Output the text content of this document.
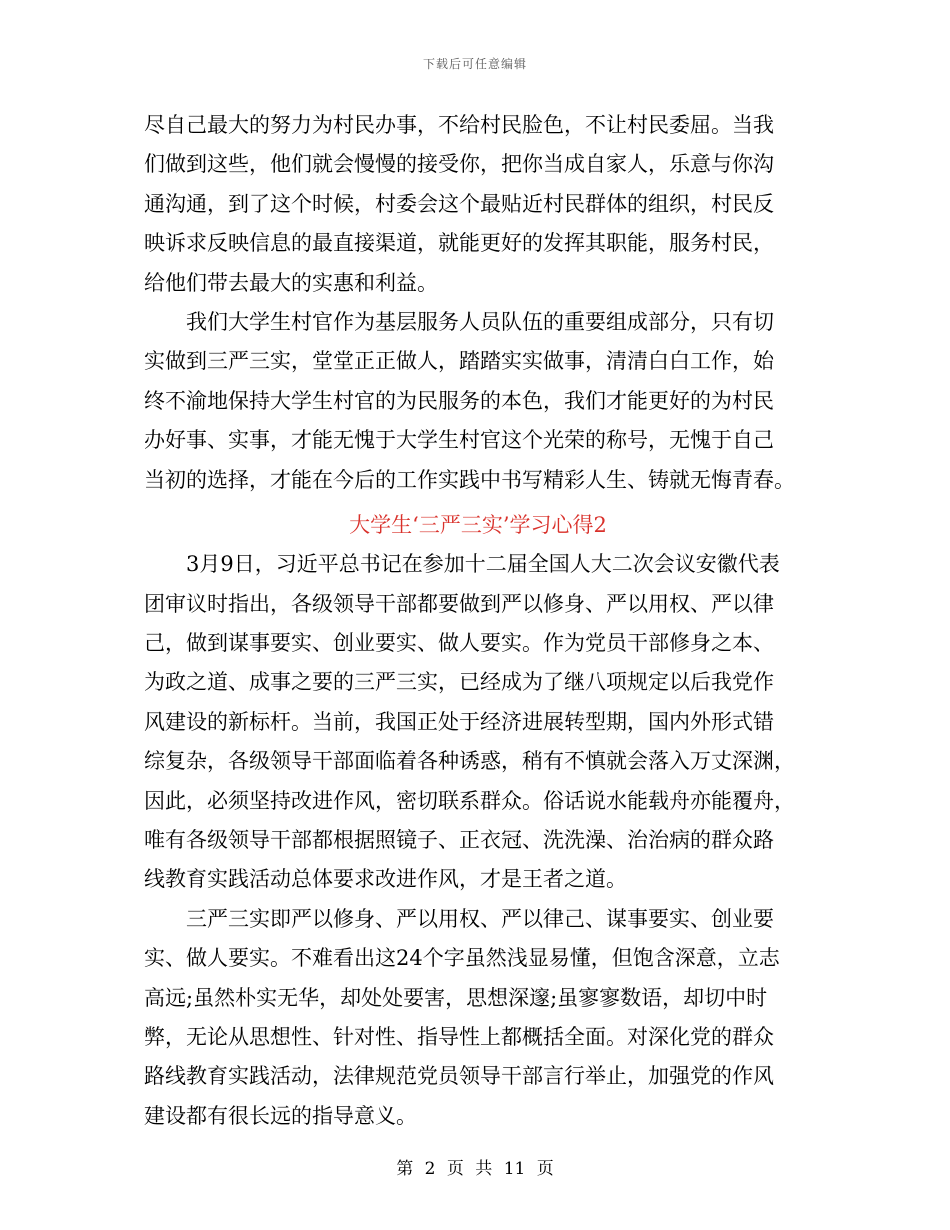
下载后可任意编辑
尽自己最大的努力为村民办事，不给村民脸色，不让村民委屈。当我
们做到这些，他们就会慢慢的接受你，把你当成自家人，乐意与你沟
通沟通，到了这个时候，村委会这个最贴近村民群体的组织，村民反
映诉求反映信息的最直接渠道，就能更好的发挥其职能，服务村民，
给他们带去最大的实惠和利益。
我们大学生村官作为基层服务人员队伍的重要组成部分，只有切
实做到三严三实，堂堂正正做人，踏踏实实做事，清清白白工作，始
终不渝地保持大学生村官的为民服务的本色，我们才能更好的为村民
办好事、实事，才能无愧于大学生村官这个光荣的称号，无愧于自己
当初的选择，才能在今后的工作实践中书写精彩人生、铸就无悔青春。
大学生‘三严三实’学习心得2
3月9日，习近平总书记在参加十二届全国人大二次会议安徽代表
团审议时指出，各级领导干部都要做到严以修身、严以用权、严以律
己，做到谋事要实、创业要实、做人要实。作为党员干部修身之本、
为政之道、成事之要的三严三实，已经成为了继八项规定以后我党作
风建设的新标杆。当前，我国正处于经济进展转型期，国内外形式错
综复杂，各级领导干部面临着各种诱惑，稍有不慎就会落入万丈深渊，
因此，必须坚持改进作风，密切联系群众。俗话说水能载舟亦能覆舟，
唯有各级领导干部都根据照镜子、正衣冠、洗洗澡、治治病的群众路
线教育实践活动总体要求改进作风，才是王者之道。
三严三实即严以修身、严以用权、严以律己、谋事要实、创业要
实、做人要实。不难看出这24个字虽然浅显易懂，但饱含深意，立志
高远;虽然朴实无华，却处处要害，思想深邃;虽寥寥数语，却切中时
弊，无论从思想性、针对性、指导性上都概括全面。对深化党的群众
路线教育实践活动，法律规范党员领导干部言行举止，加强党的作风
建设都有很长远的指导意义。
第 2 页 共 11 页
